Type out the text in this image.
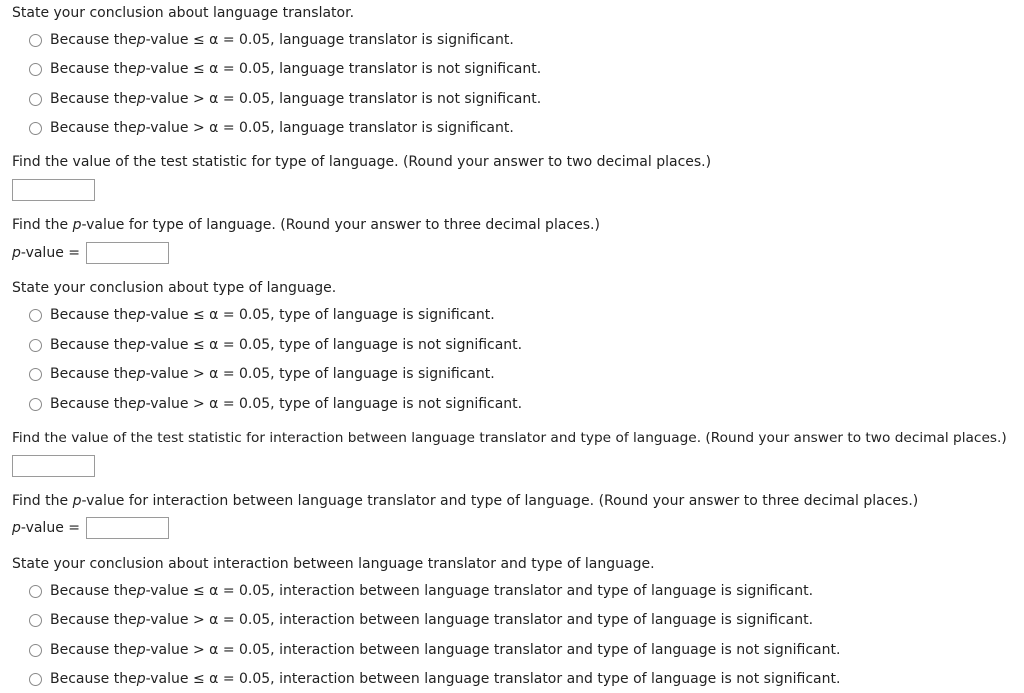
State your conclusion about language translator.
Because the p -value ≤ α = 0.05, language translator is significant.
Because the p -value ≤ α = 0.05, language translator is not significant.
Because the p -value > α = 0.05, language translator is not significant.
Because the p -value > α = 0.05, language translator is significant.
Find the value of the test statistic for type of language. (Round your answer to two decimal places.)
Find the p-value for type of language. (Round your answer to three decimal places.)
p-value =
State your conclusion about type of language.
Because the p -value ≤ α = 0.05, type of language is significant.
Because the p -value ≤ α = 0.05, type of language is not significant.
Because the p -value > α = 0.05, type of language is significant.
Because the p -value > α = 0.05, type of language is not significant.
Find the value of the test statistic for interaction between language translator and type of language. (Round your answer to two decimal places.)
Find the p-value for interaction between language translator and type of language. (Round your answer to three decimal places.)
p-value =
State your conclusion about interaction between language translator and type of language.
Because the p -value ≤ α = 0.05, interaction between language translator and type of language is significant.
Because the p -value > α = 0.05, interaction between language translator and type of language is significant.
Because the p -value > α = 0.05, interaction between language translator and type of language is not significant.
Because the p -value ≤ α = 0.05, interaction between language translator and type of language is not significant.
